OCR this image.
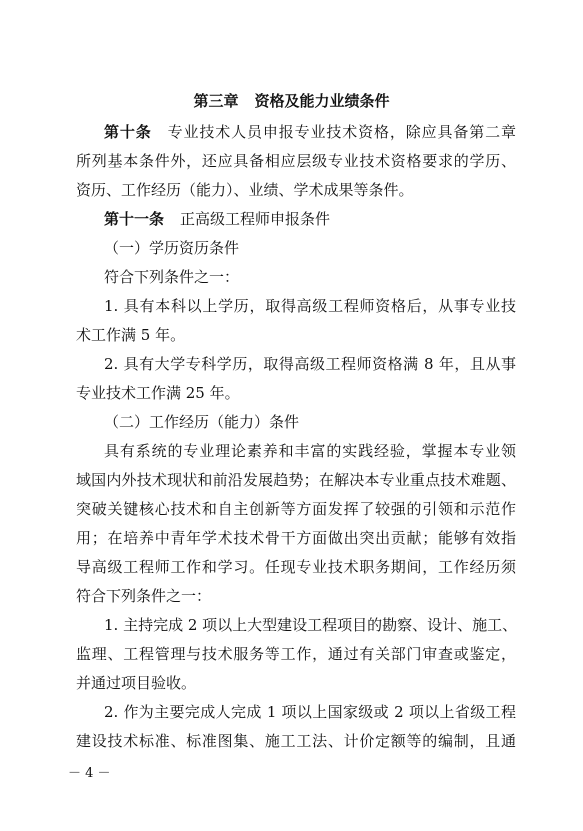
第三章 资格及能力业绩条件
第十条 专业技术人员申报专业技术资格，除应具备第二章
所列基本条件外，还应具备相应层级专业技术资格要求的学历、
资历、工作经历（能力）、业绩、学术成果等条件。
第十一条 正高级工程师申报条件
（一）学历资历条件
符合下列条件之一：
1. 具有本科以上学历，取得高级工程师资格后，从事专业技
术工作满 5 年。
2. 具有大学专科学历，取得高级工程师资格满 8 年，且从事
专业技术工作满 25 年。
（二）工作经历（能力）条件
具有系统的专业理论素养和丰富的实践经验，掌握本专业领
域国内外技术现状和前沿发展趋势；在解决本专业重点技术难题、
突破关键核心技术和自主创新等方面发挥了较强的引领和示范作
用；在培养中青年学术技术骨干方面做出突出贡献；能够有效指
导高级工程师工作和学习。任现专业技术职务期间，工作经历须
符合下列条件之一：
1. 主持完成 2 项以上大型建设工程项目的勘察、设计、施工、
监理、工程管理与技术服务等工作，通过有关部门审查或鉴定，
并通过项目验收。
2. 作为主要完成人完成 1 项以上国家级或 2 项以上省级工程
建设技术标准、标准图集、施工工法、计价定额等的编制，且通
－ 4 －
